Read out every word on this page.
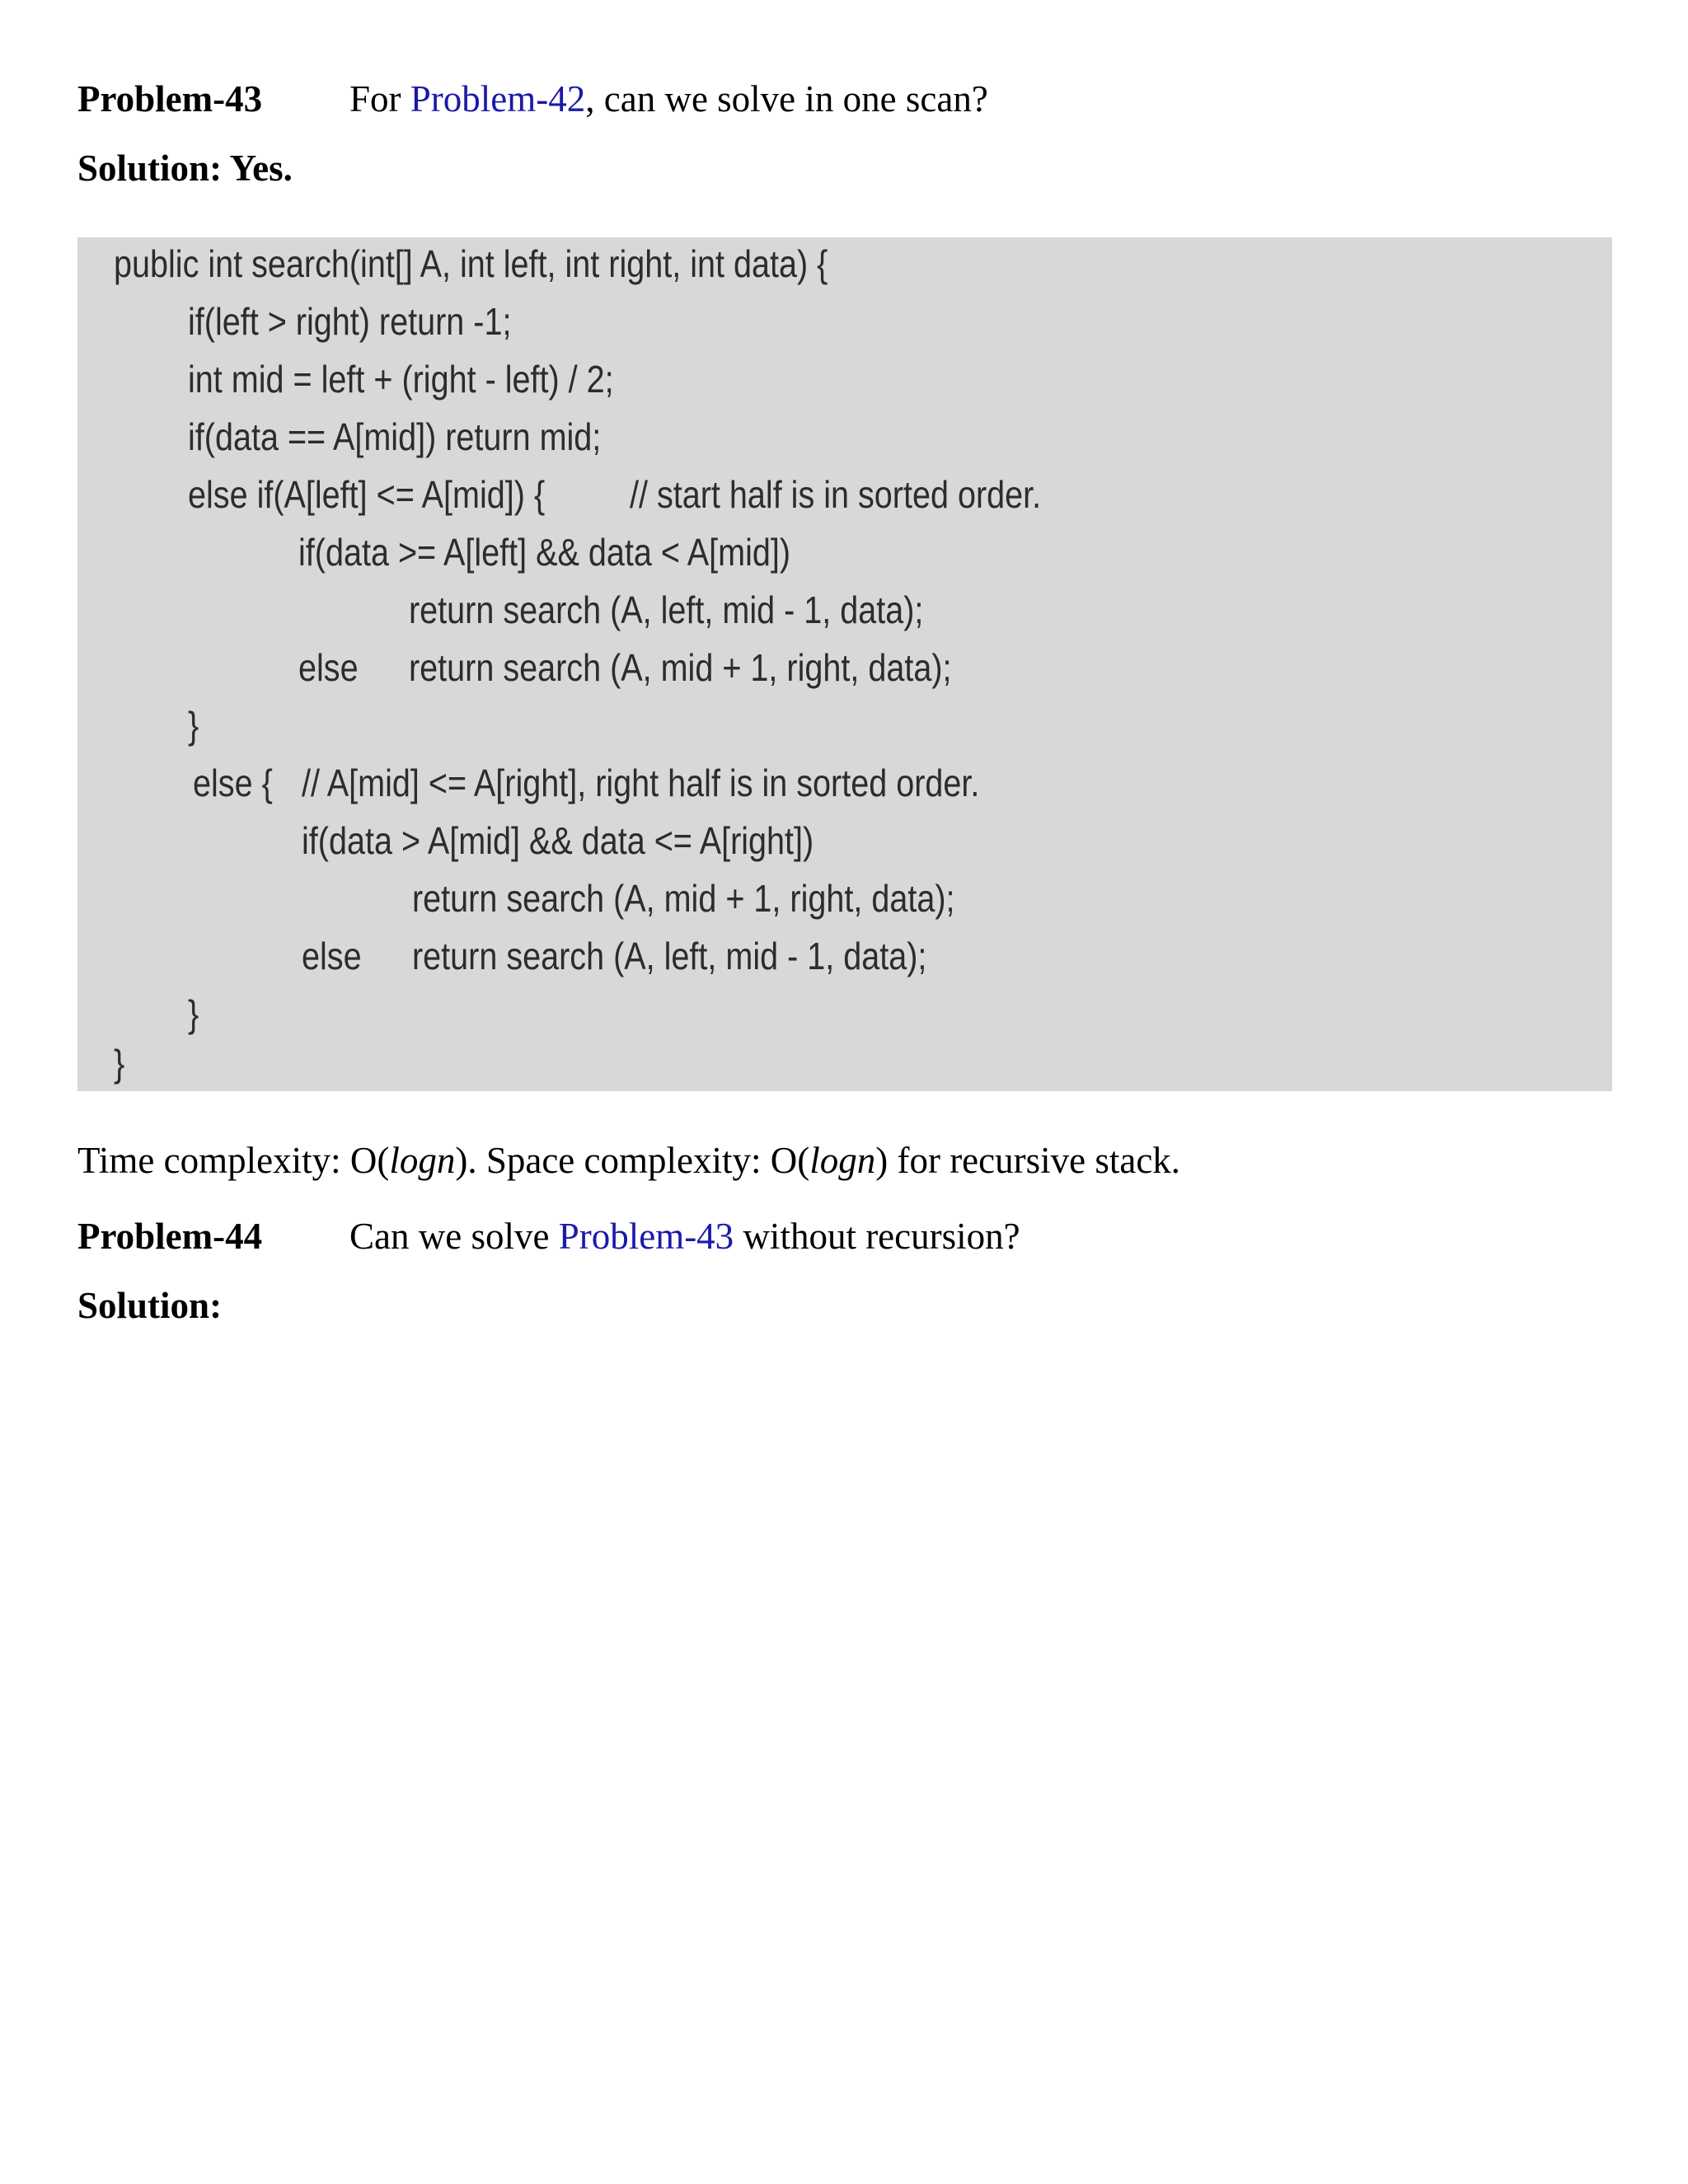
Problem-43 For Problem-42, can we solve in one scan?
Solution: Yes.
public int search(int[] A, int left, int right, int data) {
if(left > right) return -1;
int mid = left + (right - left) / 2;
if(data == A[mid]) return mid;
else if(A[left] <= A[mid]) { // start half is in sorted order.
if(data >= A[left] && data < A[mid])
return search (A, left, mid - 1, data);
else return search (A, mid + 1, right, data);
}
else { // A[mid] <= A[right], right half is in sorted order.
if(data > A[mid] && data <= A[right])
return search (A, mid + 1, right, data);
else return search (A, left, mid - 1, data);
}
}
Time complexity: O(logn). Space complexity: O(logn) for recursive stack.
Problem-44 Can we solve Problem-43 without recursion?
Solution:
